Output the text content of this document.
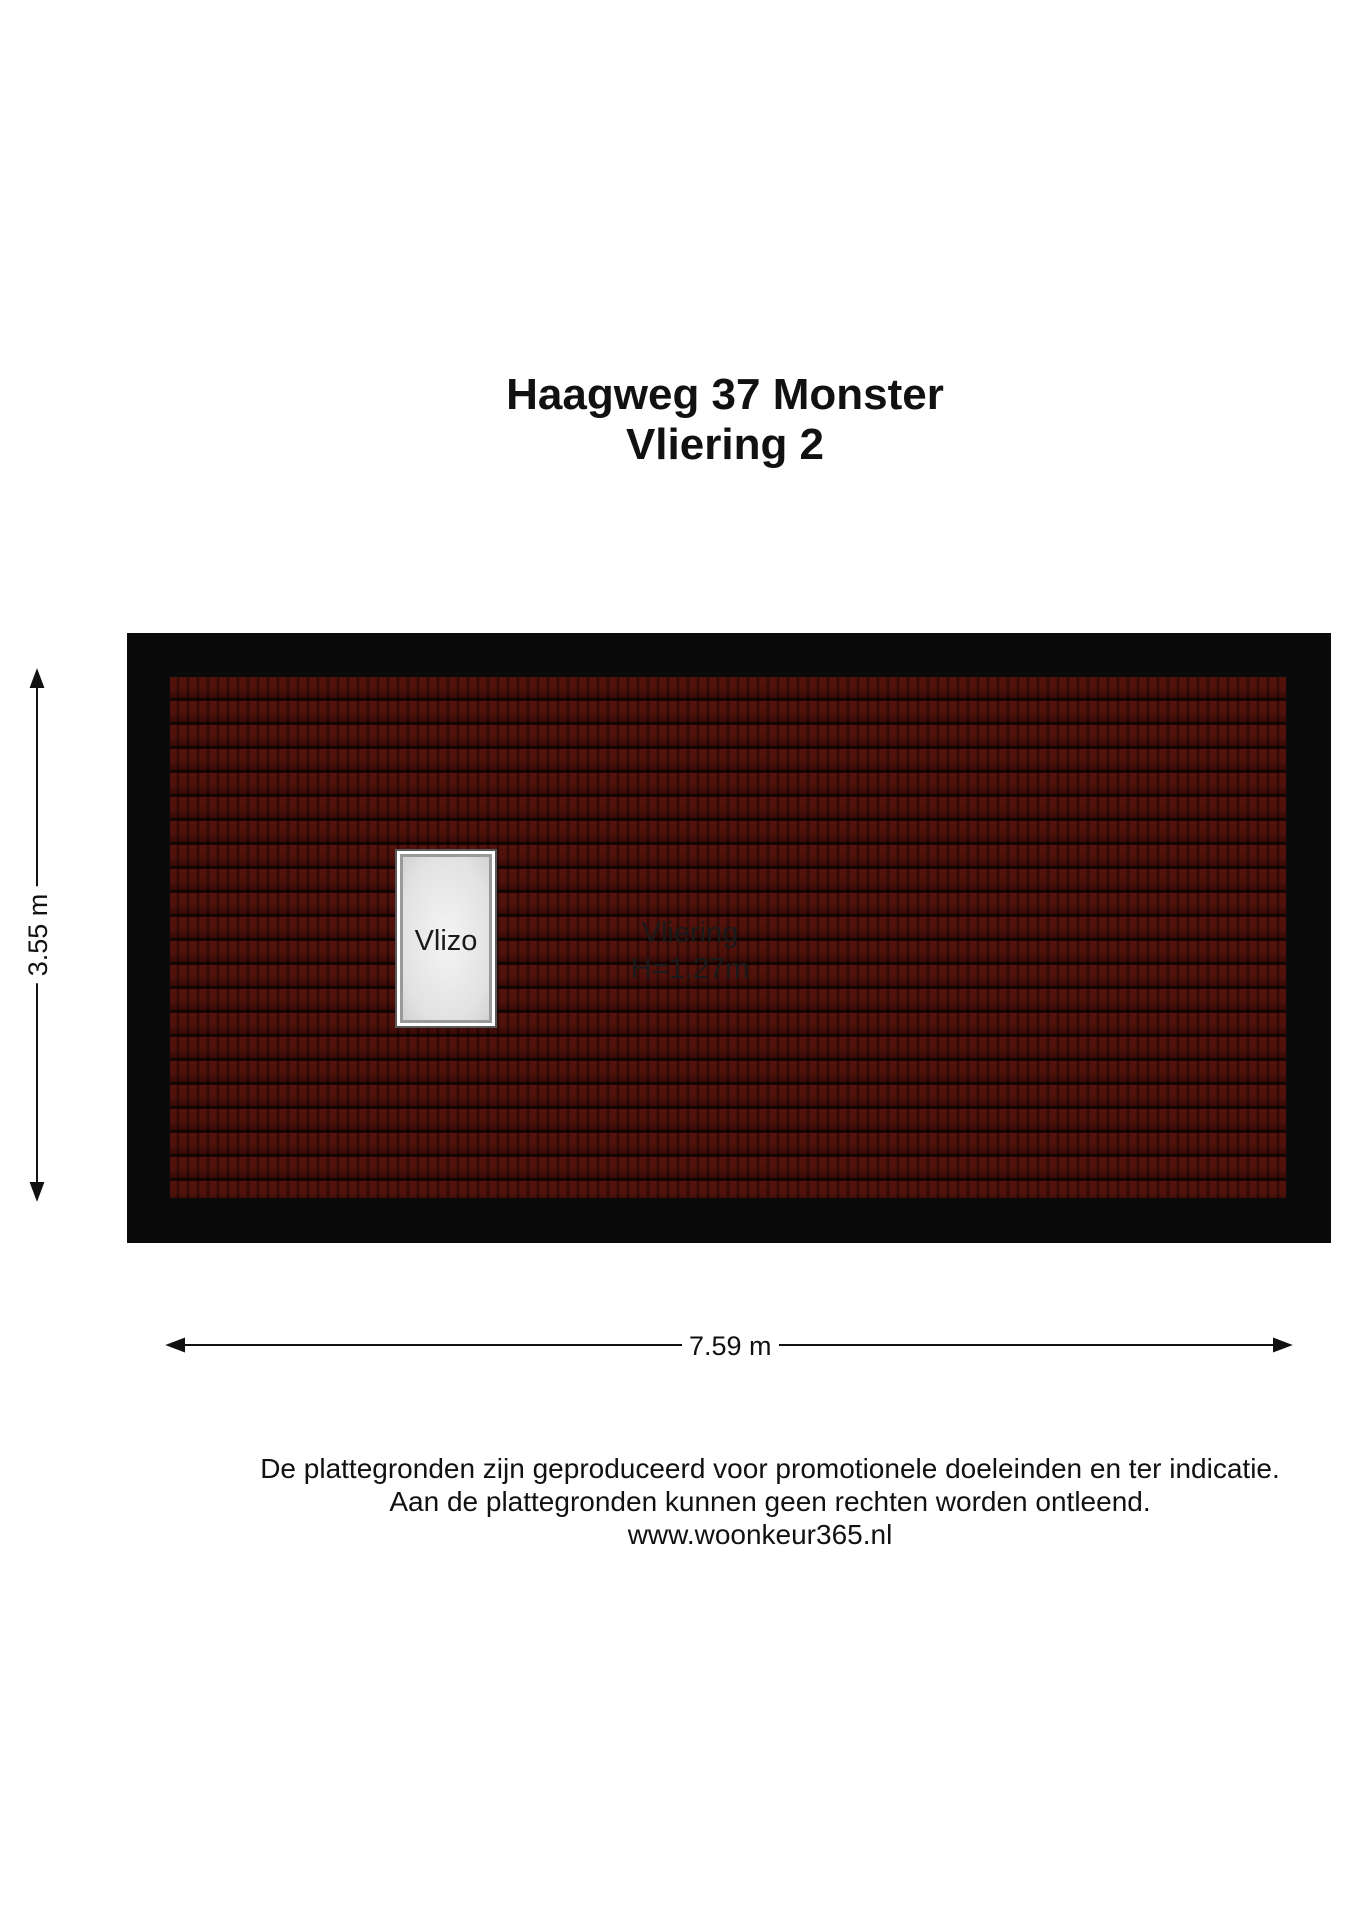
Haagweg 37 Monster
Vliering 2
Vlizo	Vliering
H=1.27m
7.59 m
3.55 m
De plattegronden zijn geproduceerd voor promotionele doeleinden en ter indicatie.
Aan de plattegronden kunnen geen rechten worden ontleend.
www.woonkeur365.nl
